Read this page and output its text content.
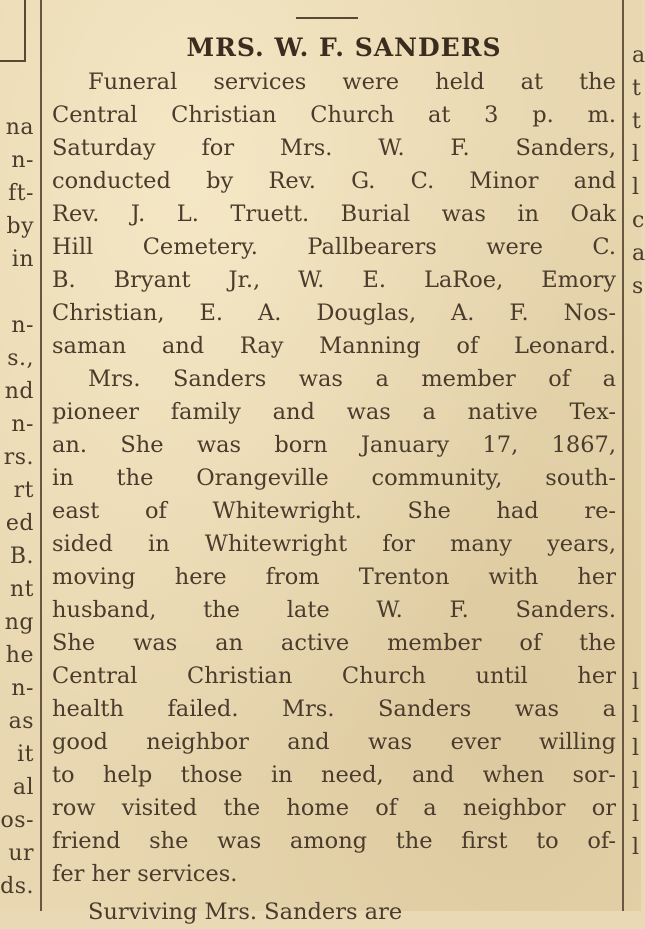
na
n-
ft-
by
in
n-
s.,
nd
n-
rs.
rt
ed
B.
nt
ng
he
n-
as
it
al
os-
ur
ds.
MRS. W. F. SANDERS
Funeral services were held at the
Central Christian Church at 3 p. m.
Saturday for Mrs. W. F. Sanders,
conducted by Rev. G. C. Minor and
Rev. J. L. Truett. Burial was in Oak
Hill Cemetery. Pallbearers were C.
B. Bryant Jr., W. E. LaRoe, Emory
Christian, E. A. Douglas, A. F. Nos-
saman and Ray Manning of Leonard.
Mrs. Sanders was a member of a
pioneer family and was a native Tex-
an. She was born January 17, 1867,
in the Orangeville community, south-
east of Whitewright. She had re-
sided in Whitewright for many years,
moving here from Trenton with her
husband, the late W. F. Sanders.
She was an active member of the
Central Christian Church until her
health failed. Mrs. Sanders was a
good neighbor and was ever willing
to help those in need, and when sor-
row visited the home of a neighbor or
friend she was among the first to of-
fer her services.
Surviving Mrs. Sanders are
a
t
t
l
l
c
a
s
l
l
l
l
l
l
